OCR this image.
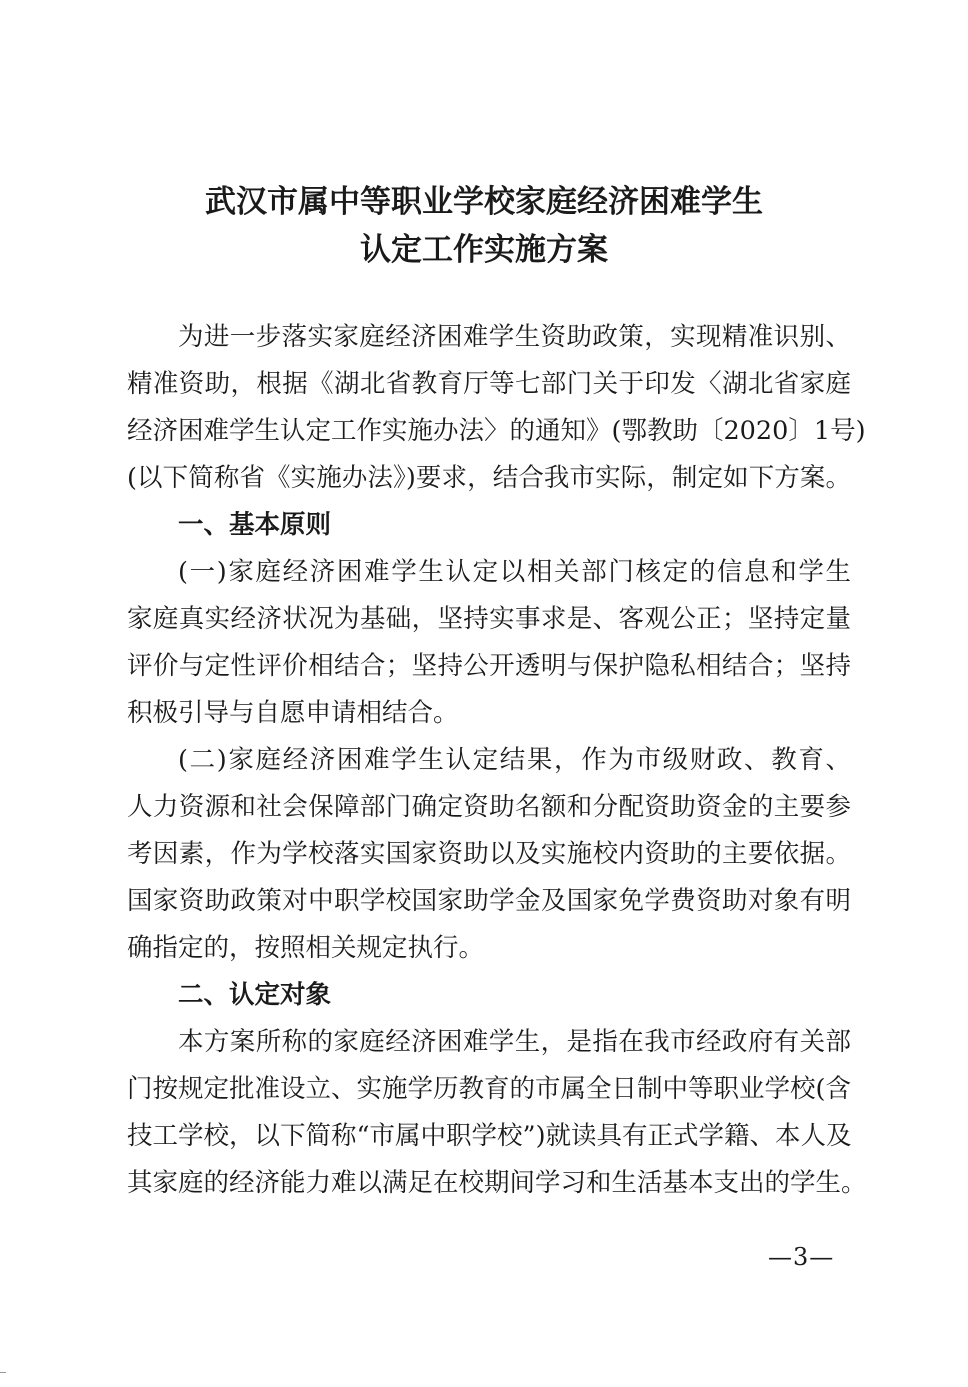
武汉市属中等职业学校家庭经济困难学生
认定工作实施方案
为进一步落实家庭经济困难学生资助政策，实现精准识别、
精准资助，根据《湖北省教育厅等七部门关于印发〈湖北省家庭
经济困难学生认定工作实施办法〉的通知》(鄂教助〔2020〕1号)
(以下简称省《实施办法》)要求，结合我市实际，制定如下方案。
一、基本原则
(一)家庭经济困难学生认定以相关部门核定的信息和学生
家庭真实经济状况为基础，坚持实事求是、客观公正；坚持定量
评价与定性评价相结合；坚持公开透明与保护隐私相结合；坚持
积极引导与自愿申请相结合。
(二)家庭经济困难学生认定结果，作为市级财政、教育、
人力资源和社会保障部门确定资助名额和分配资助资金的主要参
考因素，作为学校落实国家资助以及实施校内资助的主要依据。
国家资助政策对中职学校国家助学金及国家免学费资助对象有明
确指定的，按照相关规定执行。
二、认定对象
本方案所称的家庭经济困难学生，是指在我市经政府有关部
门按规定批准设立、实施学历教育的市属全日制中等职业学校(含
技工学校，以下简称“市属中职学校”)就读具有正式学籍、本人及
其家庭的经济能力难以满足在校期间学习和生活基本支出的学生。
—3—
